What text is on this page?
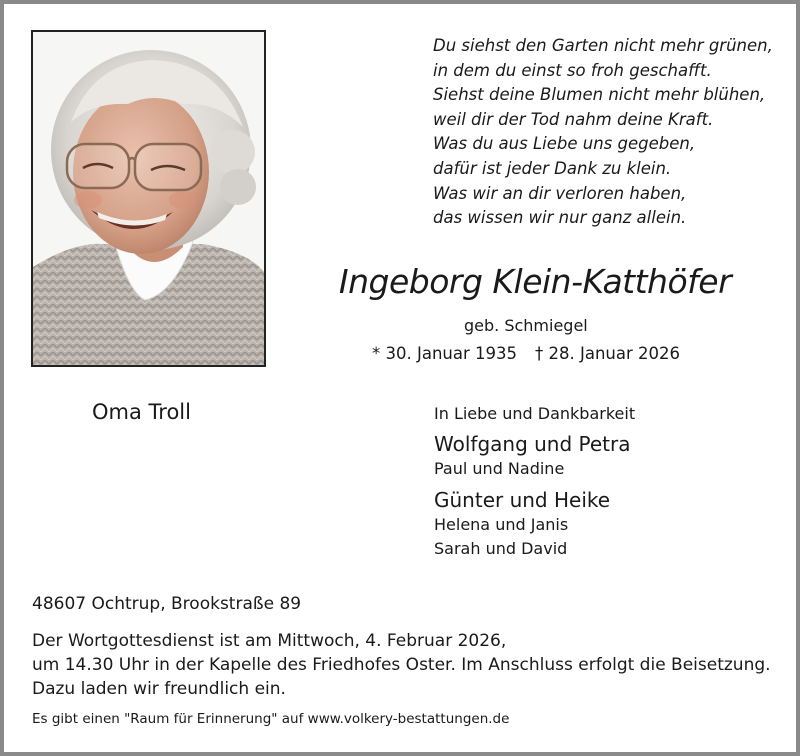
Du siehst den Garten nicht mehr grünen,
in dem du einst so froh geschafft.
Siehst deine Blumen nicht mehr blühen,
weil dir der Tod nahm deine Kraft.
Was du aus Liebe uns gegeben,
dafür ist jeder Dank zu klein.
Was wir an dir verloren haben,
das wissen wir nur ganz allein.
Ingeborg Klein-Katthöfer
geb. Schmiegel
* 30. Januar 1935 † 28. Januar 2026
Oma Troll	In Liebe und Dankbarkeit
Wolfgang und Petra
Paul und Nadine
Günter und Heike
Helena und Janis
Sarah und David
48607 Ochtrup, Brookstraße 89
Der Wortgottesdienst ist am Mittwoch, 4. Februar 2026,
um 14.30 Uhr in der Kapelle des Friedhofes Oster. Im Anschluss erfolgt die Beisetzung.
Dazu laden wir freundlich ein.
Es gibt einen "Raum für Erinnerung" auf www.volkery-bestattungen.de
